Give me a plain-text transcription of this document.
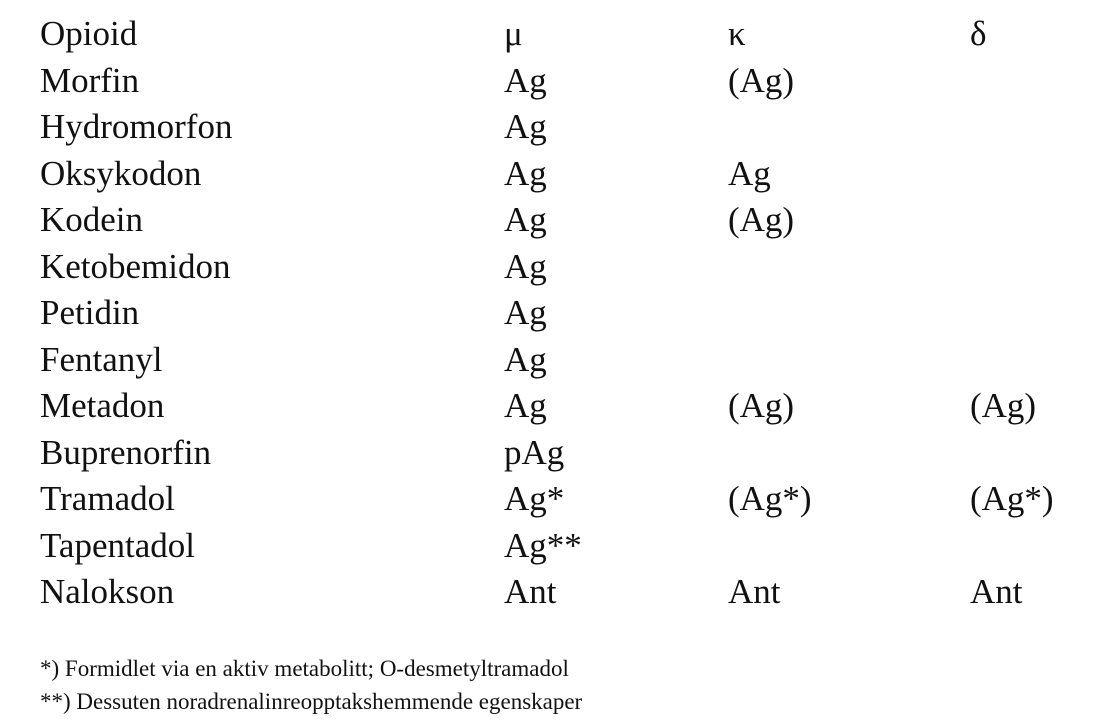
Opioid	μ	κ	δ
Morfin	Ag	(Ag)
Hydromorfon	Ag
Oksykodon	Ag	Ag
Kodein	Ag	(Ag)
Ketobemidon	Ag
Petidin	Ag
Fentanyl	Ag
Metadon	Ag	(Ag)	(Ag)
Buprenorfin	pAg
Tramadol	Ag*	(Ag*)	(Ag*)
Tapentadol	Ag**
Nalokson	Ant	Ant	Ant
*) Formidlet via en aktiv metabolitt; O-desmetyltramadol
**) Dessuten noradrenalinreopptakshemmende egenskaper
